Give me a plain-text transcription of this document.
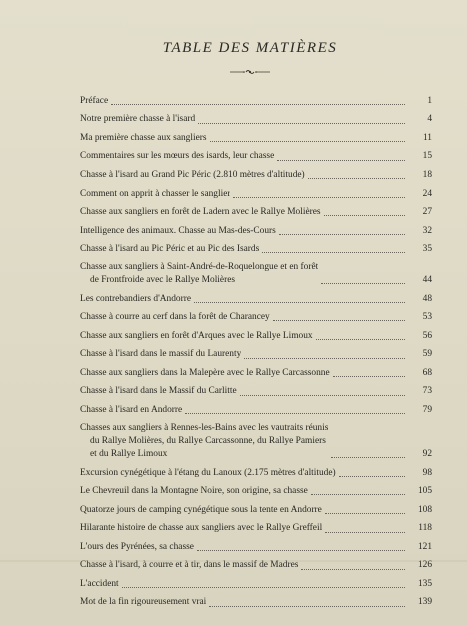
TABLE DES MATIÈRES
Préface	1
Notre première chasse à l'isard	4
Ma première chasse aux sangliers	11
Commentaires sur les mœurs des isards, leur chasse	15
Chasse à l'isard au Grand Pic Péric (2.810 mètres d'altitude)	18
Comment on apprit à chasser le sanglier	24
Chasse aux sangliers en forêt de Ladern avec le Rallye Molières	27
Intelligence des animaux. Chasse au Mas-des-Cours	32
Chasse à l'isard au Pic Péric et au Pic des Isards	35
Chasse aux sangliers à Saint-André-de-Roquelongue et en forêt
de Frontfroide avec le Rallye Molières	44
Les contrebandiers d'Andorre	48
Chasse à courre au cerf dans la forêt de Charancey	53
Chasse aux sangliers en forêt d'Arques avec le Rallye Limoux	56
Chasse à l'isard dans le massif du Laurenty	59
Chasse aux sangliers dans la Malepère avec le Rallye Carcassonne	68
Chasse à l'isard dans le Massif du Carlitte	73
Chasse à l'isard en Andorre	79
Chasses aux sangliers à Rennes-les-Bains avec les vautraits réunis
du Rallye Molières, du Rallye Carcassonne, du Rallye Pamiers
et du Rallye Limoux	92
Excursion cynégétique à l'étang du Lanoux (2.175 mètres d'altitude)	98
Le Chevreuil dans la Montagne Noire, son origine, sa chasse	105
Quatorze jours de camping cynégétique sous la tente en Andorre	108
Hilarante histoire de chasse aux sangliers avec le Rallye Greffeil	118
L'ours des Pyrénées, sa chasse	121
Chasse à l'isard, à courre et à tir, dans le massif de Madres	126
L'accident	135
Mot de la fin rigoureusement vrai	139
